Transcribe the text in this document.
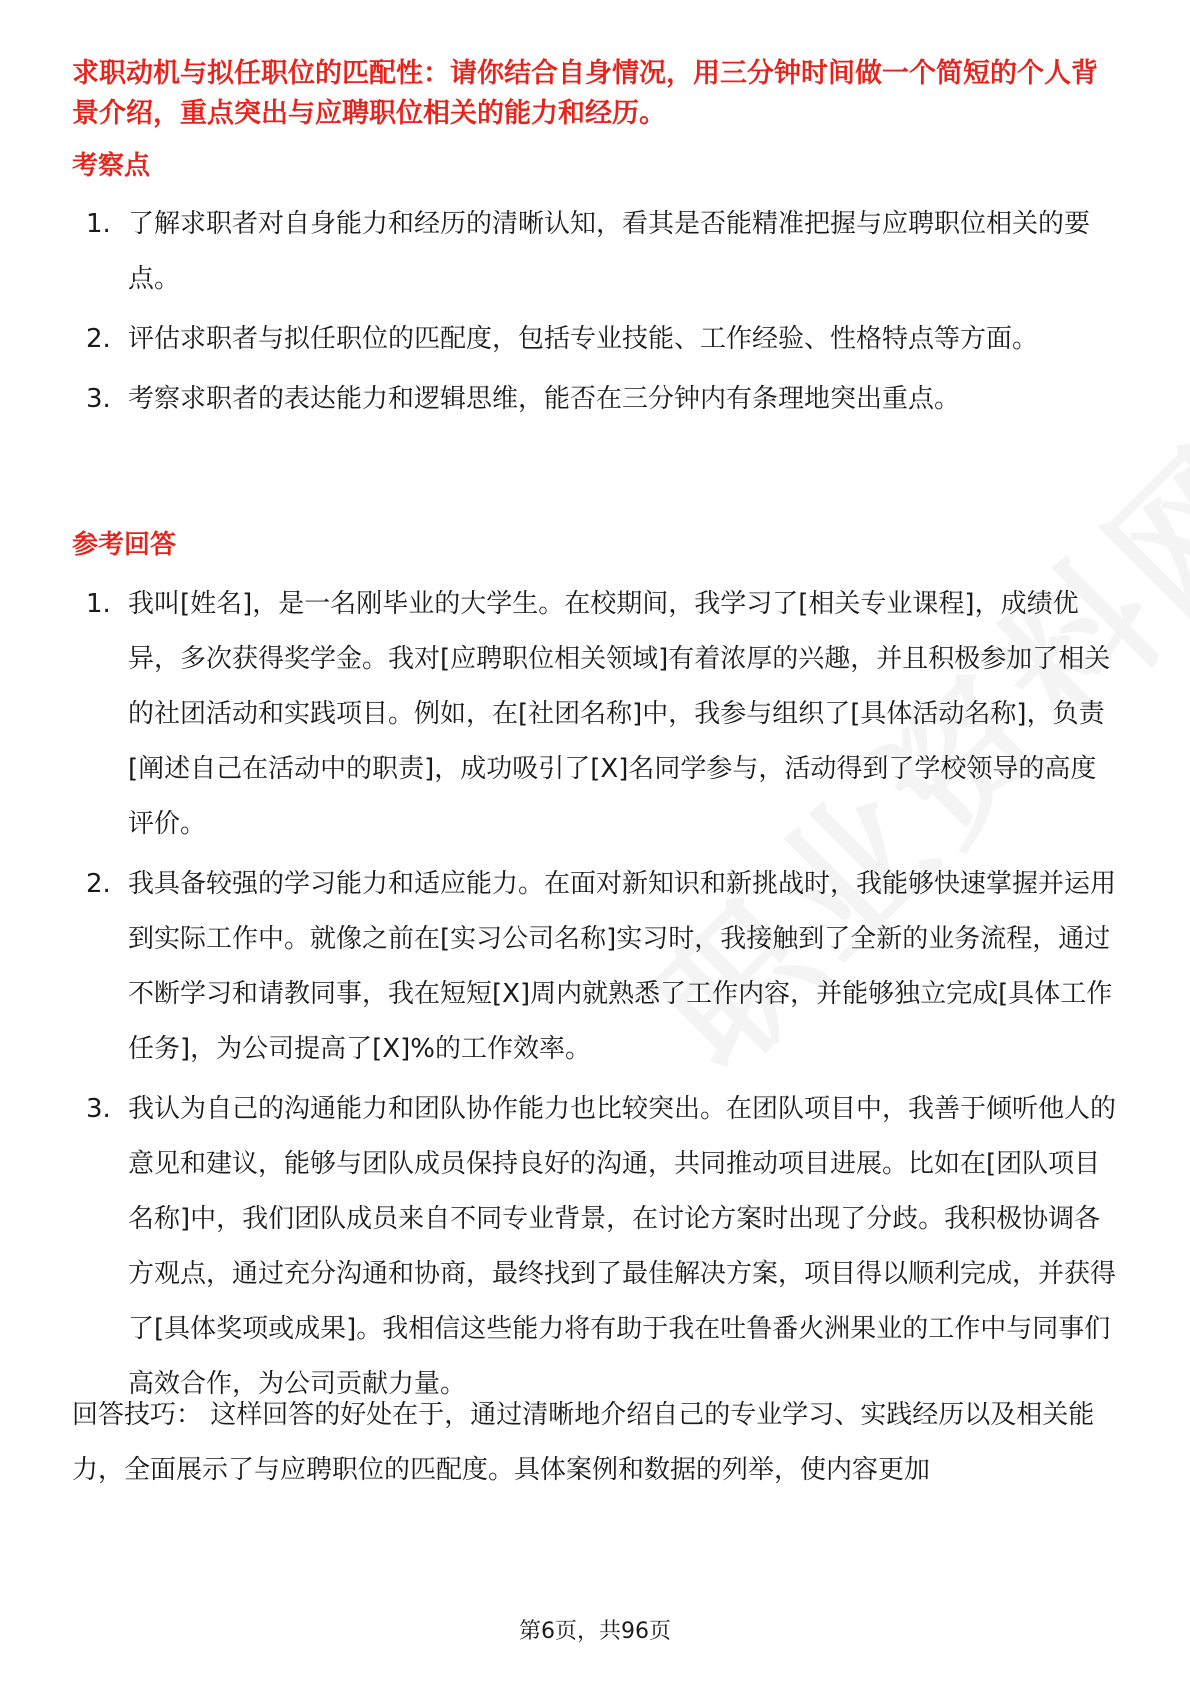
求职动机与拟任职位的匹配性：请你结合自身情况，用三分钟时间做一个简短的个人背景介绍，重点突出与应聘职位相关的能力和经历。

考察点
1. 了解求职者对自身能力和经历的清晰认知，看其是否能精准把握与应聘职位相关的要点。
2. 评估求职者与拟任职位的匹配度，包括专业技能、工作经验、性格特点等方面。
3. 考察求职者的表达能力和逻辑思维，能否在三分钟内有条理地突出重点。
参考回答
1. 我叫[姓名]，是一名刚毕业的大学生。在校期间，我学习了[相关专业课程]，成绩优异，多次获得奖学金。我对[应聘职位相关领域]有着浓厚的兴趣，并且积极参加了相关的社团活动和实践项目。例如，在[社团名称]中，我参与组织了[具体活动名称]，负责[阐述自己在活动中的职责]，成功吸引了[X]名同学参与，活动得到了学校领导的高度评价。
2. 我具备较强的学习能力和适应能力。在面对新知识和新挑战时，我能够快速掌握并运用到实际工作中。就像之前在[实习公司名称]实习时，我接触到了全新的业务流程，通过不断学习和请教同事，我在短短[X]周内就熟悉了工作内容，并能够独立完成[具体工作任务]，为公司提高了[X]%的工作效率。
3. 我认为自己的沟通能力和团队协作能力也比较突出。在团队项目中，我善于倾听他人的意见和建议，能够与团队成员保持良好的沟通，共同推动项目进展。比如在[团队项目名称]中，我们团队成员来自不同专业背景，在讨论方案时出现了分歧。我积极协调各方观点，通过充分沟通和协商，最终找到了最佳解决方案，项目得以顺利完成，并获得了[具体奖项或成果]。我相信这些能力将有助于我在吐鲁番火洲果业的工作中与同事们高效合作，为公司贡献力量。

回答技巧： 这样回答的好处在于，通过清晰地介绍自己的专业学习、实践经历以及相关能力，全面展示了与应聘职位的匹配度。具体案例和数据的列举，使内容更加

第6页，共96页
